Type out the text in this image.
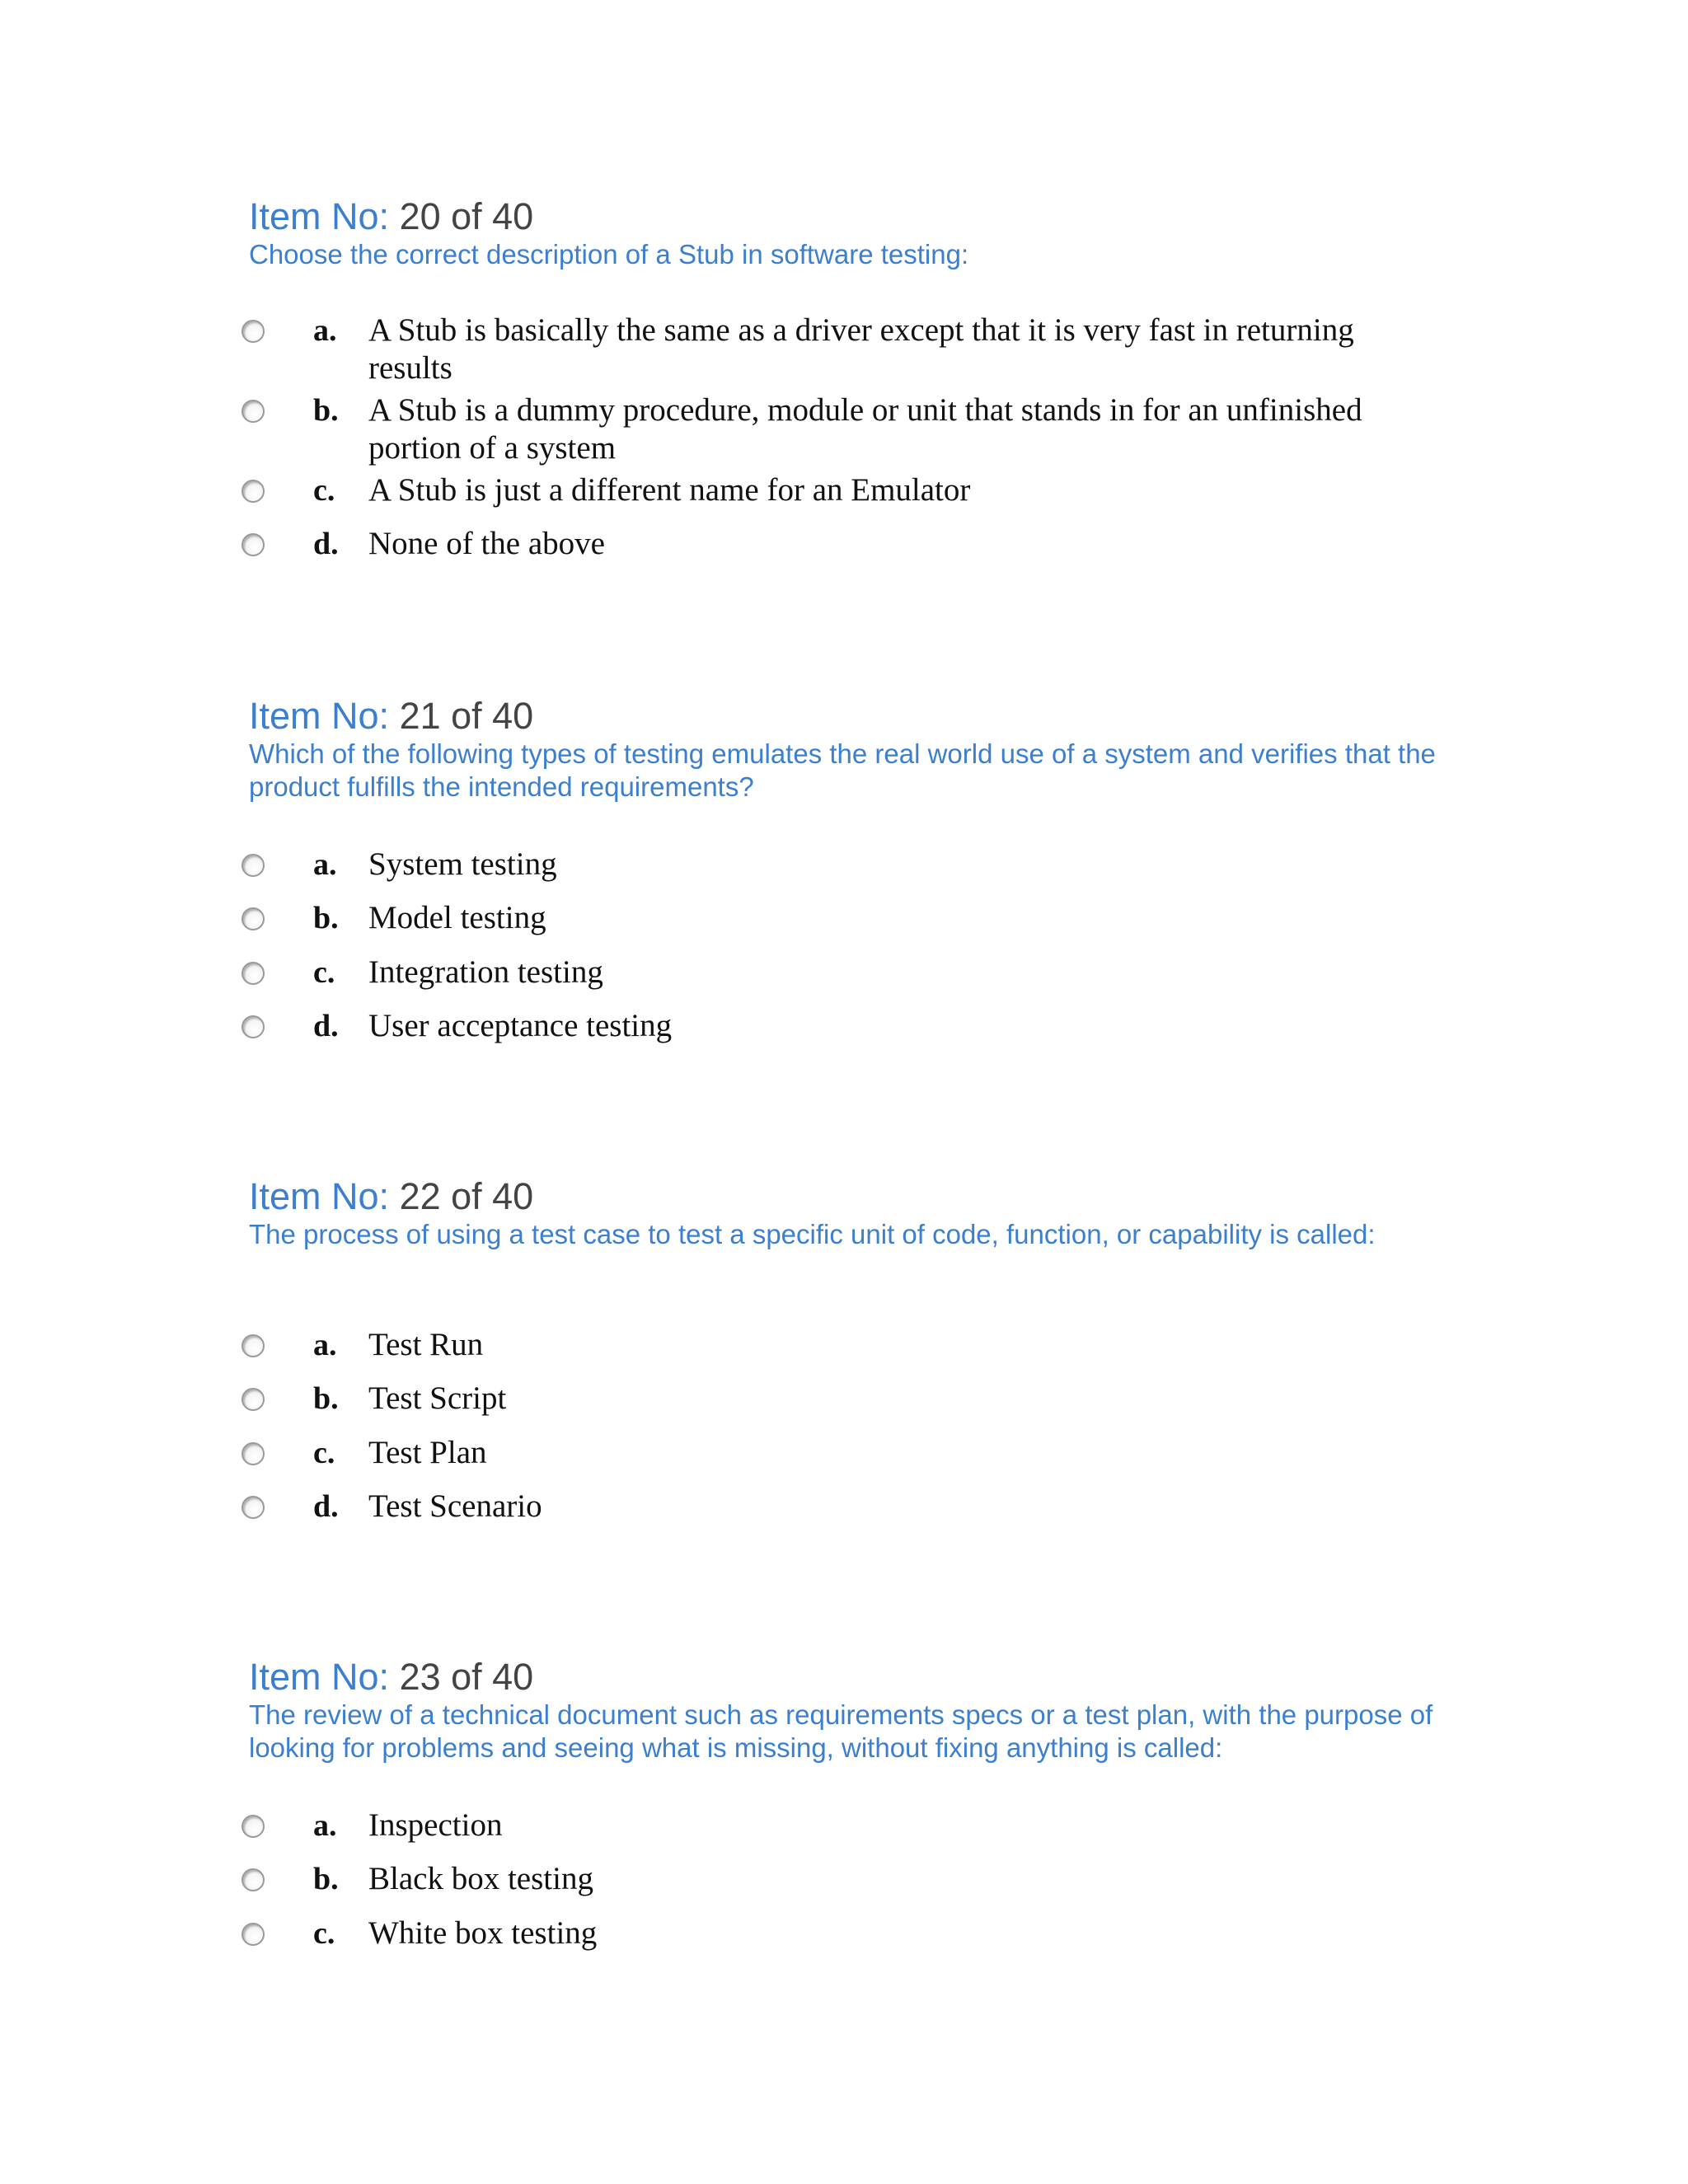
Item No: 20 of 40
Choose the correct description of a Stub in software testing:
a. A Stub is basically the same as a driver except that it is very fast in returning results
b. A Stub is a dummy procedure, module or unit that stands in for an unfinished portion of a system
c. A Stub is just a different name for an Emulator
d. None of the above
Item No: 21 of 40
Which of the following types of testing emulates the real world use of a system and verifies that the product fulfills the intended requirements?
a. System testing
b. Model testing
c. Integration testing
d. User acceptance testing
Item No: 22 of 40
The process of using a test case to test a specific unit of code, function, or capability is called:
a. Test Run
b. Test Script
c. Test Plan
d. Test Scenario
Item No: 23 of 40
The review of a technical document such as requirements specs or a test plan, with the purpose of looking for problems and seeing what is missing, without fixing anything is called:
a. Inspection
b. Black box testing
c. White box testing
